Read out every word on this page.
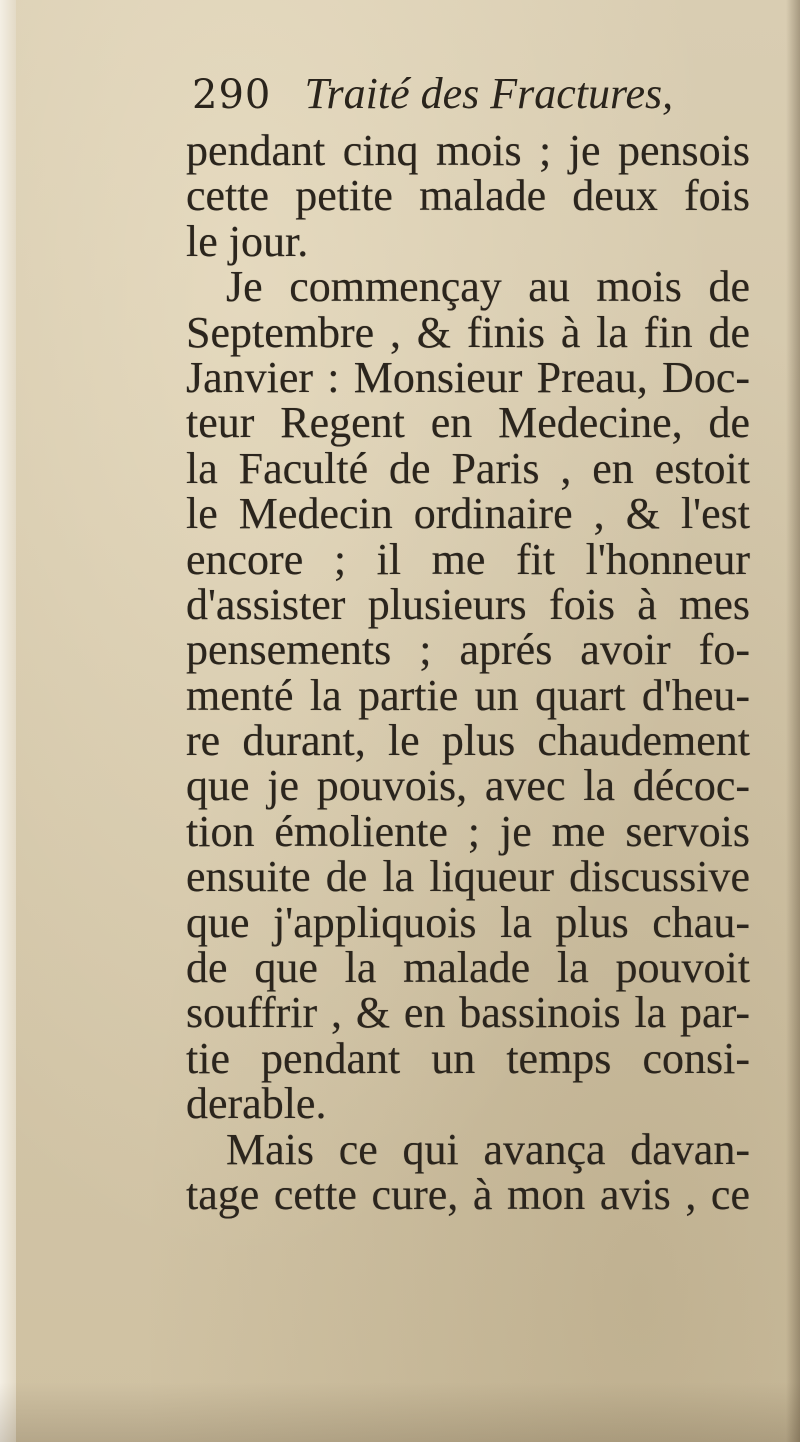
290 Traité des Fractures,
pendant cinq mois ; je pensois
cette petite malade deux fois
le jour.
Je commençay au mois de
Septembre , & finis à la fin de
Janvier : Monsieur Preau, Doc-
teur Regent en Medecine, de
la Faculté de Paris , en estoit
le Medecin ordinaire , & l'est
encore ; il me fit l'honneur
d'assister plusieurs fois à mes
pensements ; aprés avoir fo-
menté la partie un quart d'heu-
re durant, le plus chaudement
que je pouvois, avec la décoc-
tion émoliente ; je me servois
ensuite de la liqueur discussive
que j'appliquois la plus chau-
de que la malade la pouvoit
souffrir , & en bassinois la par-
tie pendant un temps consi-
derable.
Mais ce qui avança davan-
tage cette cure, à mon avis , ce
